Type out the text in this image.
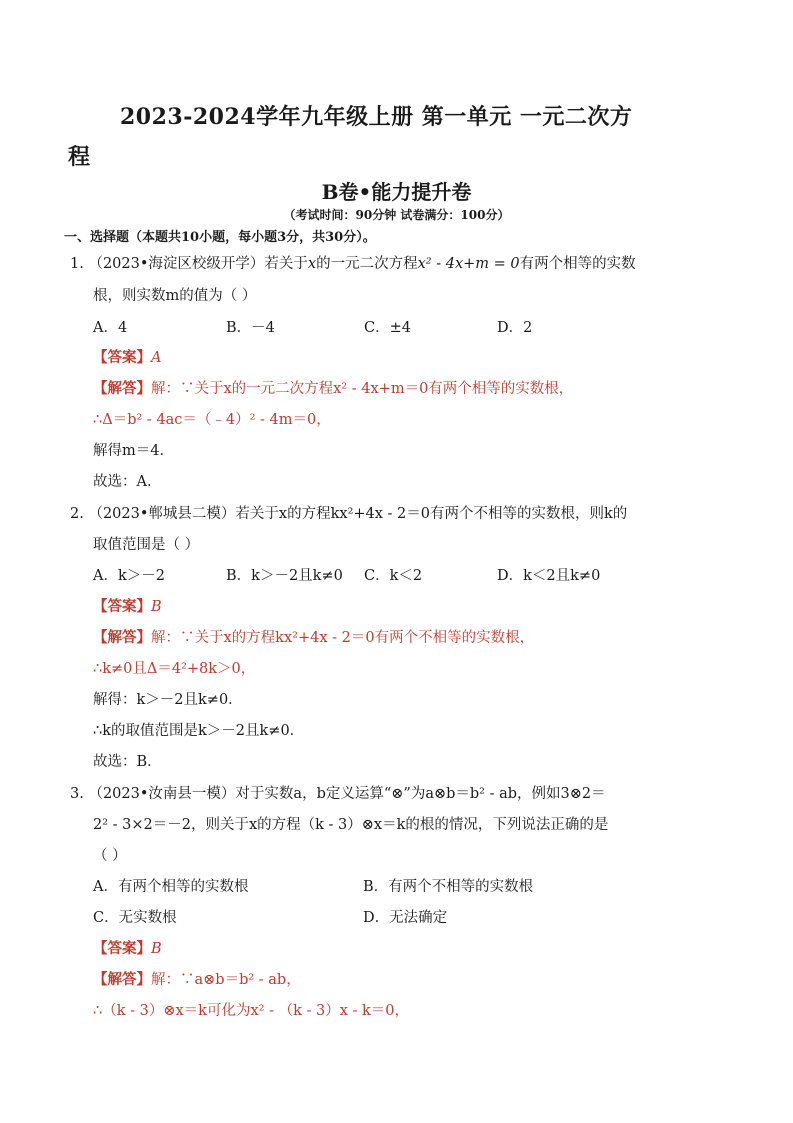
2023-2024学年九年级上册 第一单元 一元二次方
程
B卷•能力提升卷
（考试时间：90分钟 试卷满分：100分）
一、选择题（本题共10小题，每小题3分，共30分）。
1. （2023•海淀区校级开学）若关于x的一元二次方程x² - 4x+m = 0有两个相等的实数
根，则实数m的值为（ ）
A．4	B．－4	C．±4	D．2
【答案】A
【解答】解：∵关于x的一元二次方程x² - 4x+m＝0有两个相等的实数根，
∴Δ＝b² - 4ac＝（﹣4）² - 4m＝0，
解得m＝4．
故选：A．
2. （2023•郸城县二模）若关于x的方程kx²+4x - 2＝0有两个不相等的实数根，则k的
取值范围是（ ）
A．k＞－2	B．k＞－2且k≠0 C．k＜2	D．k＜2且k≠0
【答案】B
【解答】解：∵关于x的方程kx²+4x - 2＝0有两个不相等的实数根，
∴k≠0且Δ＝4²+8k＞0，
解得：k＞－2且k≠0．
∴k的取值范围是k＞－2且k≠0．
故选：B．
3. （2023•汝南县一模）对于实数a，b定义运算“⊗”为a⊗b＝b² - ab，例如3⊗2＝
2² - 3×2＝－2，则关于x的方程（k - 3）⊗x＝k的根的情况，下列说法正确的是
（ ）
A．有两个相等的实数根	B．有两个不相等的实数根
C．无实数根	D．无法确定
【答案】B
【解答】解：∵a⊗b＝b² - ab，
∴（k - 3）⊗x＝k可化为x² - （k - 3）x - k＝0，
